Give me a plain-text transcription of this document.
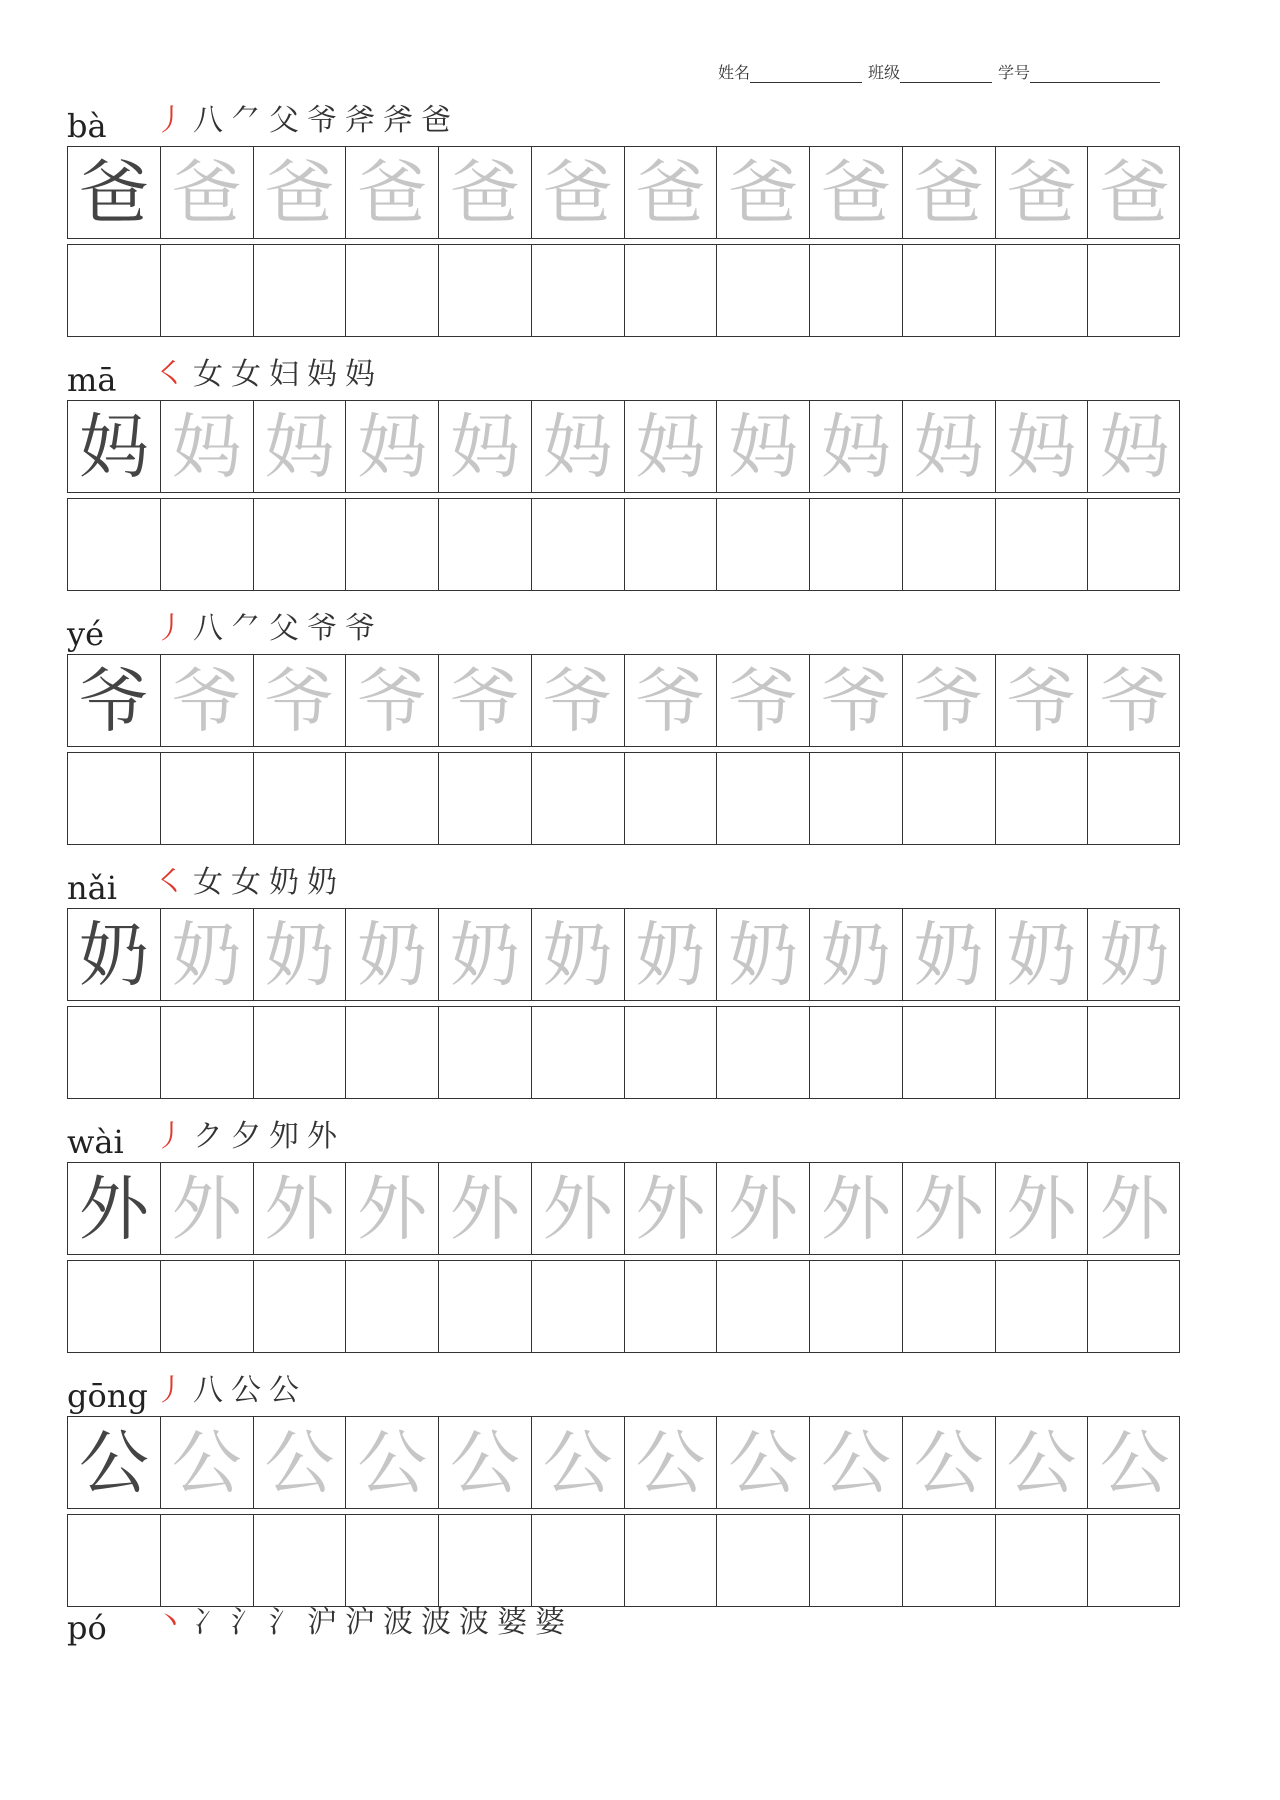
姓名	班级	学号
bà	丿 八 ⺈ 父 爷 斧 斧 爸
爸 爸 爸 爸 爸 爸 爸 爸 爸 爸 爸 爸
mā	㇛ 女 女 妇 妈 妈
妈 妈 妈 妈 妈 妈 妈 妈 妈 妈 妈 妈
yé	丿 八 ⺈ 父 爷 爷
爷 爷 爷 爷 爷 爷 爷 爷 爷 爷 爷 爷
nǎi	㇛ 女 女 奶 奶
奶 奶 奶 奶 奶 奶 奶 奶 奶 奶 奶 奶
wài	丿 ク 夕 夘 外
外 外 外 外 外 外 外 外 外 外 外 外
gōng 丿 八 公 公
公 公 公 公 公 公 公 公 公 公 公 公
pó	丶 冫 氵 氵 沪 沪 波 波 波 婆 婆
